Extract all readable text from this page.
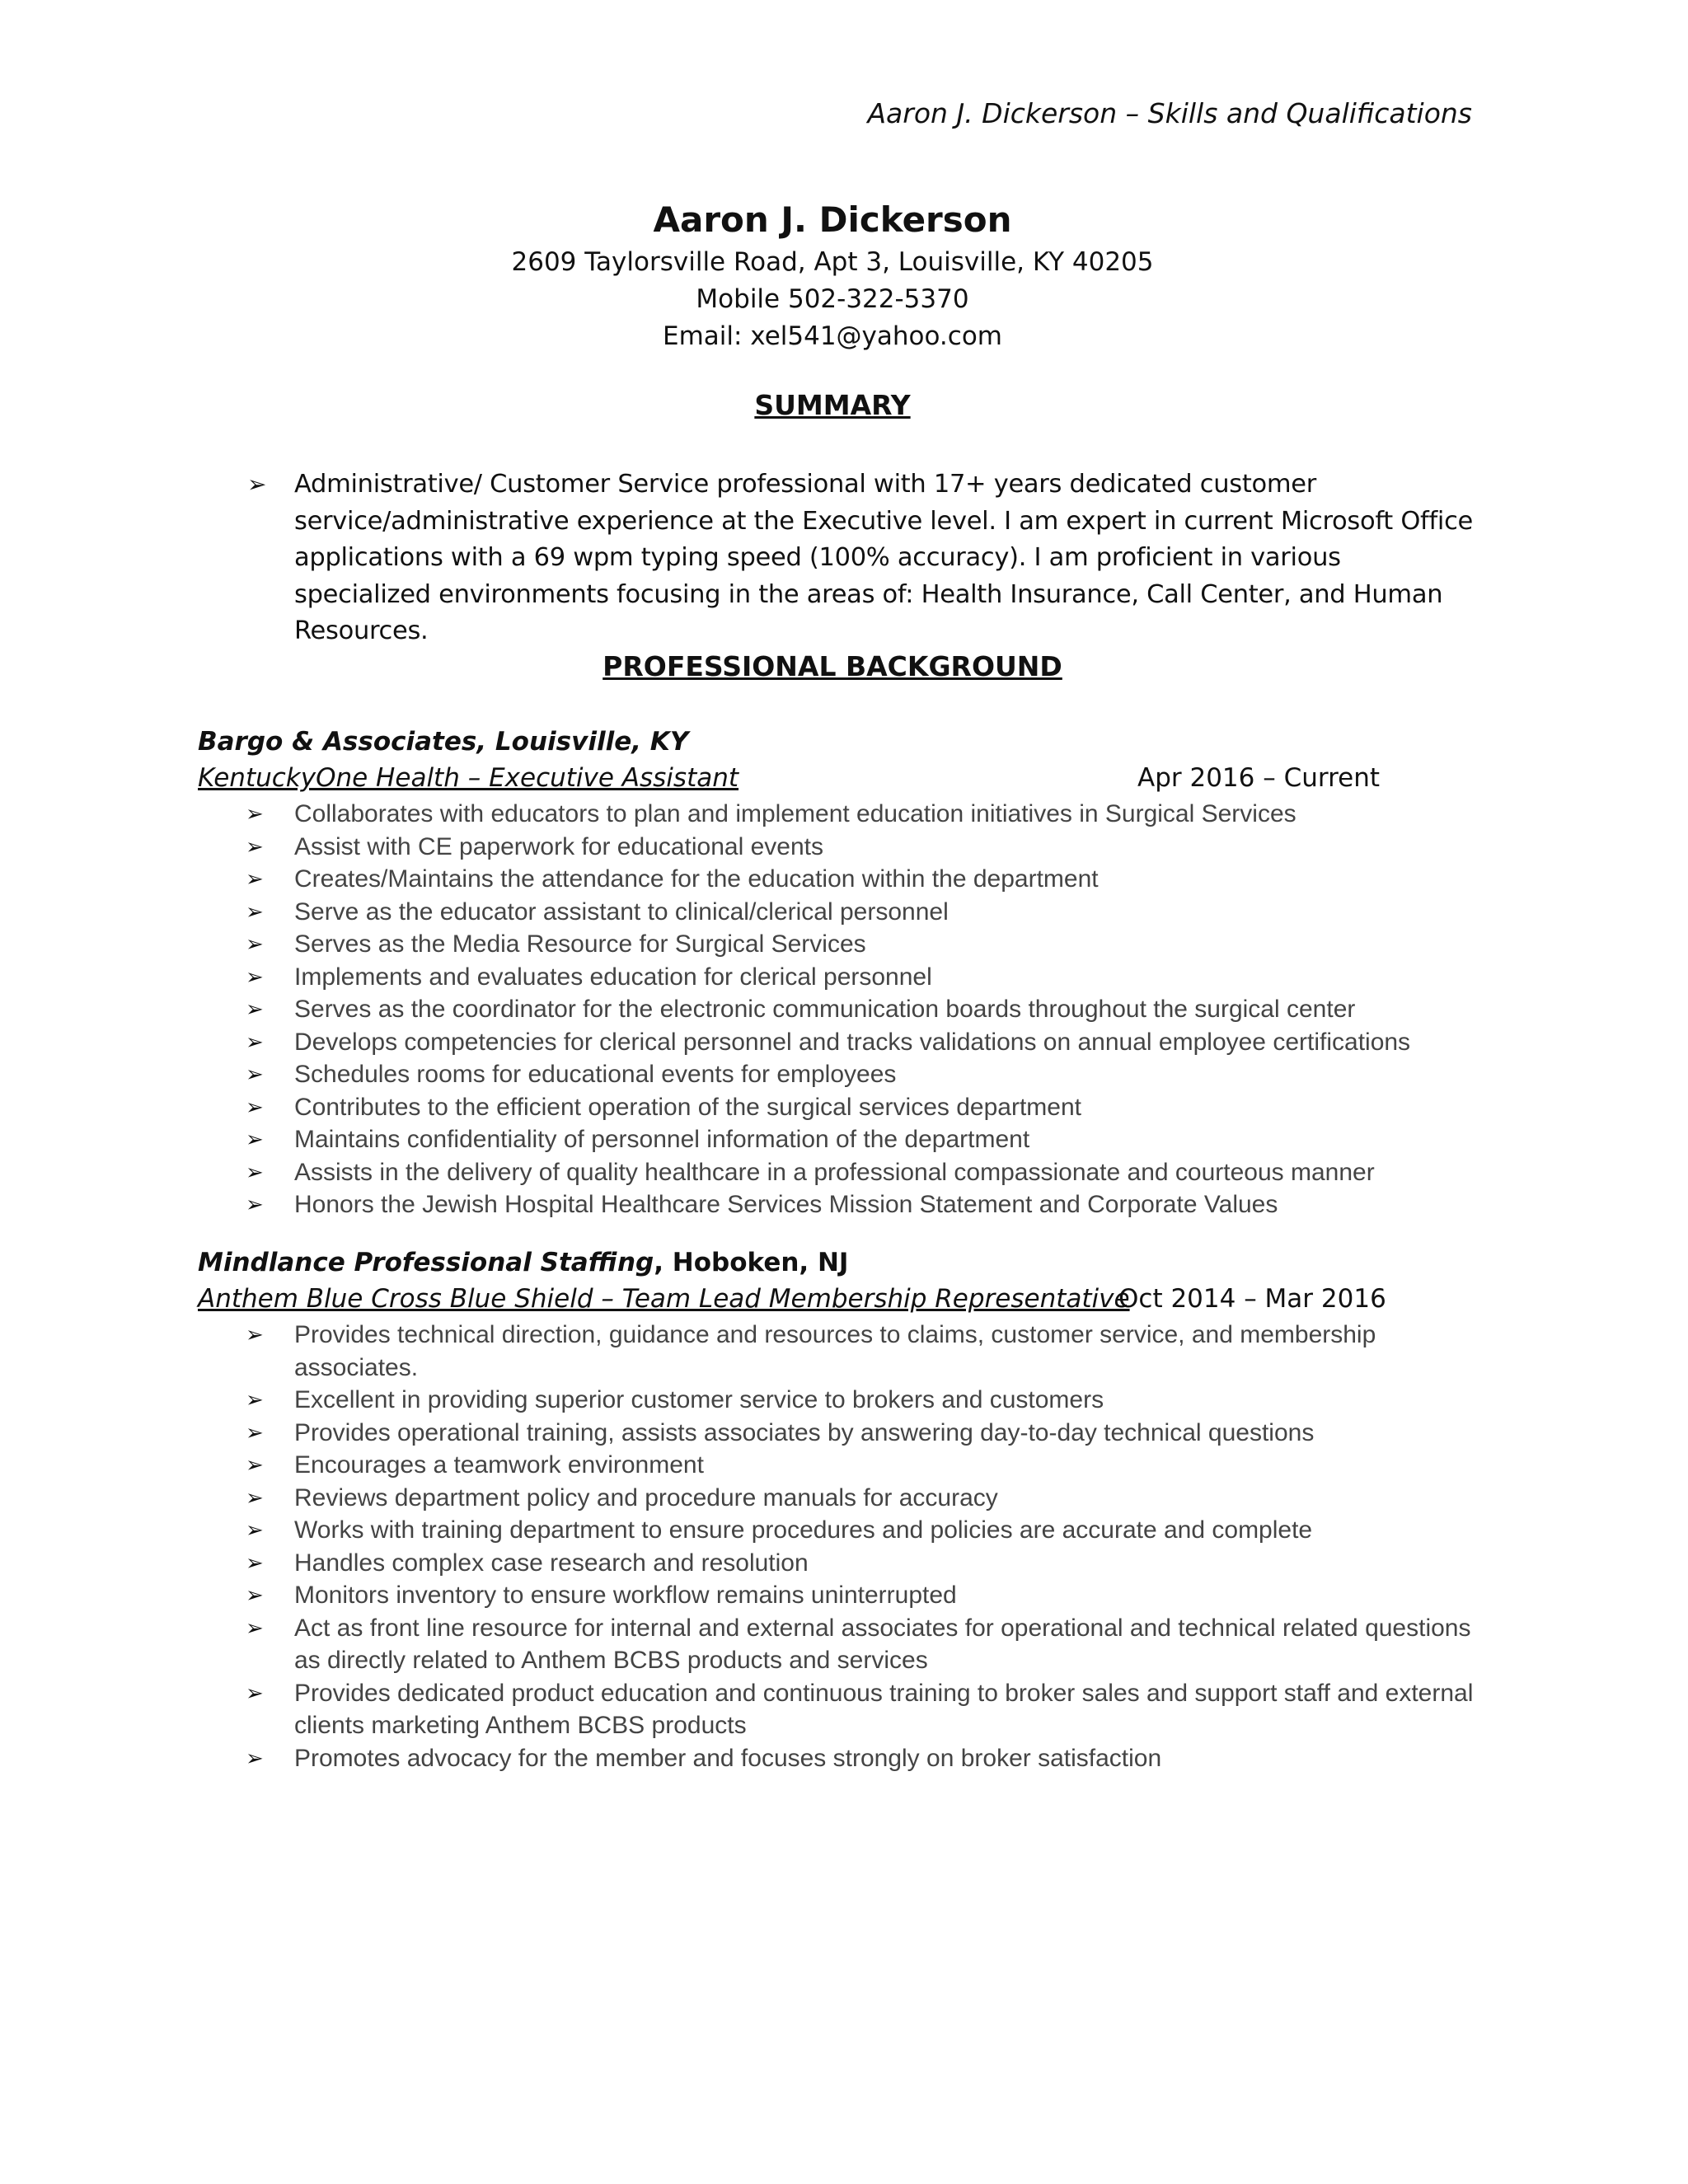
Aaron J. Dickerson – Skills and Qualifications
Aaron J. Dickerson
2609 Taylorsville Road, Apt 3, Louisville, KY 40205
Mobile 502-322-5370
Email: xel541@yahoo.com
SUMMARY
➢ Administrative/ Customer Service professional with 17+ years dedicated customer service/administrative experience at the Executive level. I am expert in current Microsoft Office applications with a 69 wpm typing speed (100% accuracy). I am proficient in various specialized environments focusing in the areas of: Health Insurance, Call Center, and Human Resources.
PROFESSIONAL BACKGROUND
Bargo & Associates, Louisville, KY
KentuckyOne Health – Executive Assistant	Apr 2016 – Current
➢ Collaborates with educators to plan and implement education initiatives in Surgical Services
➢ Assist with CE paperwork for educational events
➢ Creates/Maintains the attendance for the education within the department
➢ Serve as the educator assistant to clinical/clerical personnel
➢ Serves as the Media Resource for Surgical Services
➢ Implements and evaluates education for clerical personnel
➢ Serves as the coordinator for the electronic communication boards throughout the surgical center
➢ Develops competencies for clerical personnel and tracks validations on annual employee certifications
➢ Schedules rooms for educational events for employees
➢ Contributes to the efficient operation of the surgical services department
➢ Maintains confidentiality of personnel information of the department
➢ Assists in the delivery of quality healthcare in a professional compassionate and courteous manner
➢ Honors the Jewish Hospital Healthcare Services Mission Statement and Corporate Values
Mindlance Professional Staffing, Hoboken, NJ
Anthem Blue Cross Blue Shield – Team Lead Membership Representative
Oct 2014 – Mar 2016
➢ Provides technical direction, guidance and resources to claims, customer service, and membership associates.
➢ Excellent in providing superior customer service to brokers and customers
➢ Provides operational training, assists associates by answering day-to-day technical questions
➢ Encourages a teamwork environment
➢ Reviews department policy and procedure manuals for accuracy
➢ Works with training department to ensure procedures and policies are accurate and complete
➢ Handles complex case research and resolution
➢ Monitors inventory to ensure workflow remains uninterrupted
➢ Act as front line resource for internal and external associates for operational and technical related questions as directly related to Anthem BCBS products and services
➢ Provides dedicated product education and continuous training to broker sales and support staff and external clients marketing Anthem BCBS products
➢ Promotes advocacy for the member and focuses strongly on broker satisfaction
